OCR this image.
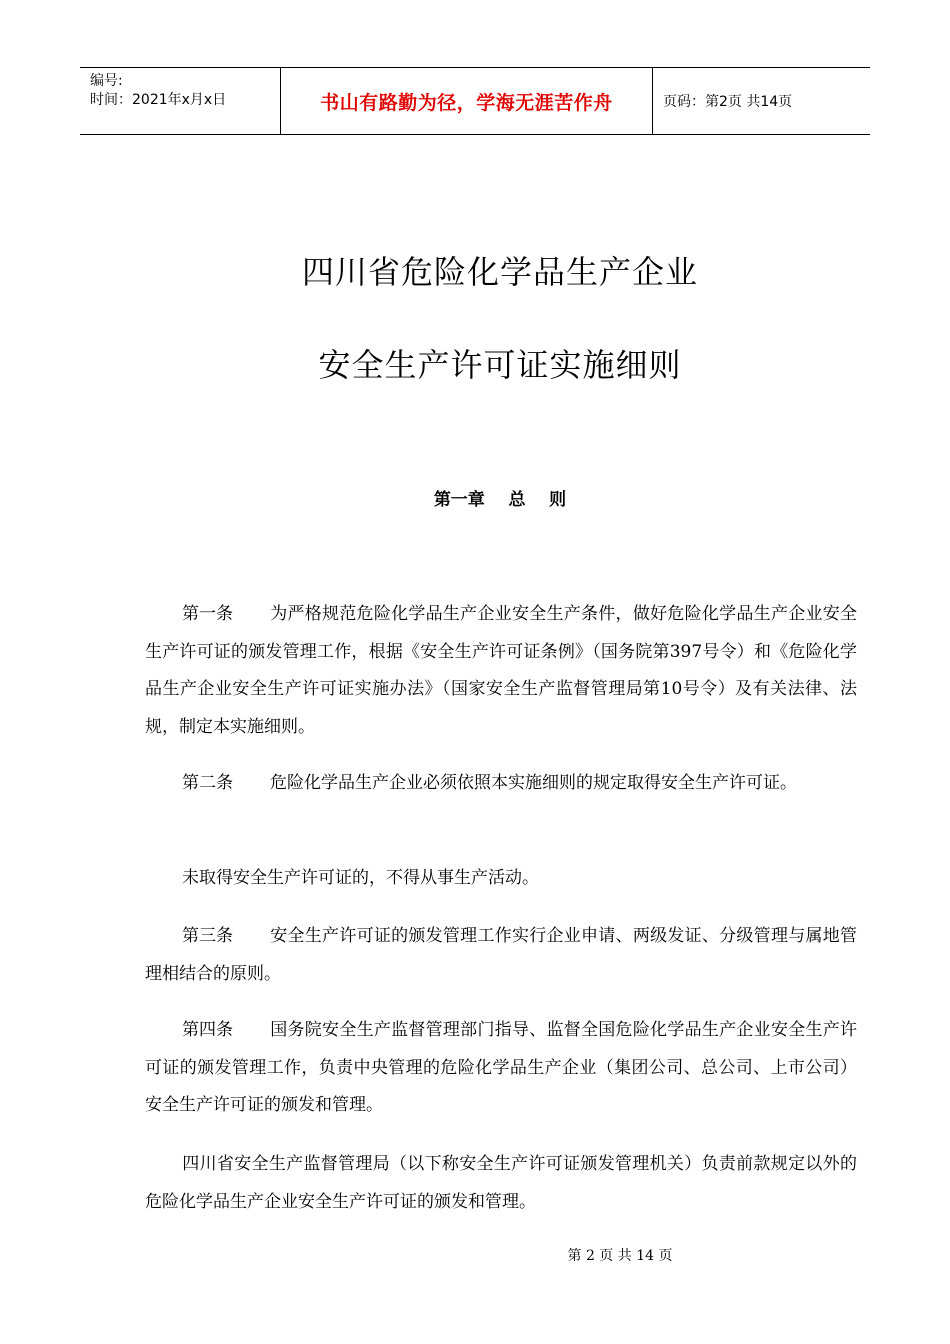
编号:
时间：2021年x月x日	书山有路勤为径，学海无涯苦作舟	页码：第2页 共14页
四川省危险化学品生产企业
安全生产许可证实施细则
第一章    总    则

第一条 为严格规范危险化学品生产企业安全生产条件，做好危险化学品生产企业安全生产许可证的颁发管理工作，根据《安全生产许可证条例》（国务院第397号令）和《危险化学品生产企业安全生产许可证实施办法》（国家安全生产监督管理局第10号令）及有关法律、法规，制定本实施细则。

第二条 危险化学品生产企业必须依照本实施细则的规定取得安全生产许可证。

未取得安全生产许可证的，不得从事生产活动。

第三条 安全生产许可证的颁发管理工作实行企业申请、两级发证、分级管理与属地管理相结合的原则。

第四条 国务院安全生产监督管理部门指导、监督全国危险化学品生产企业安全生产许可证的颁发管理工作，负责中央管理的危险化学品生产企业（集团公司、总公司、上市公司）安全生产许可证的颁发和管理。

四川省安全生产监督管理局（以下称安全生产许可证颁发管理机关）负责前款规定以外的危险化学品生产企业安全生产许可证的颁发和管理。

第 2 页 共 14 页
